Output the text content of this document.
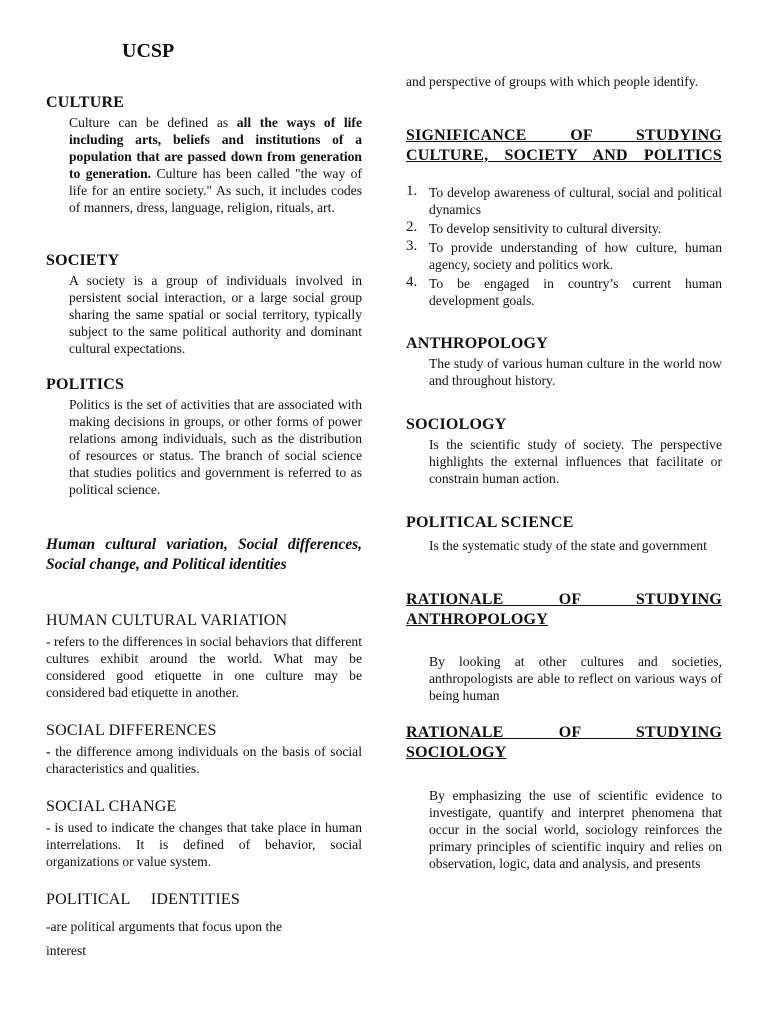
UCSP
CULTURE
Culture can be defined as all the ways of life including arts, beliefs and institutions of a population that are passed down from generation to generation. Culture has been called "the way of life for an entire society." As such, it includes codes of manners, dress, language, religion, rituals, art.
SOCIETY
A society is a group of individuals involved in persistent social interaction, or a large social group sharing the same spatial or social territory, typically subject to the same political authority and dominant cultural expectations.
POLITICS
Politics is the set of activities that are associated with making decisions in groups, or other forms of power relations among individuals, such as the distribution of resources or status. The branch of social science that studies politics and government is referred to as political science.
Human cultural variation, Social differences, Social change, and Political identities
HUMAN CULTURAL VARIATION
- refers to the differences in social behaviors that different cultures exhibit around the world. What may be considered good etiquette in one culture may be considered bad etiquette in another.
SOCIAL DIFFERENCES
- the difference among individuals on the basis of social characteristics and qualities.
SOCIAL CHANGE
- is used to indicate the changes that take place in human interrelations. It is defined of behavior, social organizations or value system.
POLITICAL     IDENTITIES
-are political arguments that focus upon the
interest
and perspective of groups with which people identify.
SIGNIFICANCE OF STUDYING CULTURE, SOCIETY AND POLITICS
1. To develop awareness of cultural, social and political dynamics
2. To develop sensitivity to cultural diversity.
3. To provide understanding of how culture, human agency, society and politics work.
4. To be engaged in country’s current human development goals.
ANTHROPOLOGY
The study of various human culture in the world now and throughout history.
SOCIOLOGY
Is the scientific study of society. The perspective highlights the external influences that facilitate or constrain human action.
POLITICAL SCIENCE
Is the systematic study of the state and government
RATIONALE OF STUDYING ANTHROPOLOGY
By looking at other cultures and societies, anthropologists are able to reflect on various ways of being human
RATIONALE OF STUDYING SOCIOLOGY
By emphasizing the use of scientific evidence to investigate, quantify and interpret phenomena that occur in the social world, sociology reinforces the primary principles of scientific inquiry and relies on observation, logic, data and analysis, and presents
